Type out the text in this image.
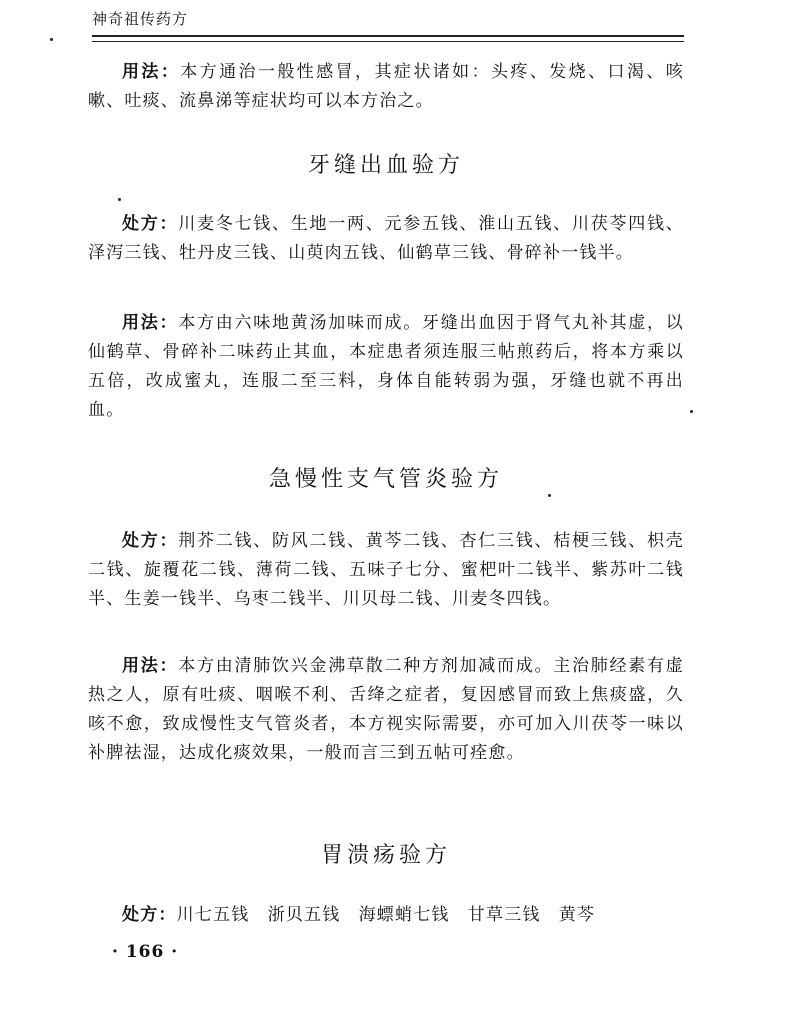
神奇祖传药方

用法：本方通治一般性感冒，其症状诸如：头疼、发烧、口渴、咳嗽、吐痰、流鼻涕等症状均可以本方治之。

牙缝出血验方

处方：川麦冬七钱、生地一两、元参五钱、淮山五钱、川茯苓四钱、泽泻三钱、牡丹皮三钱、山萸肉五钱、仙鹤草三钱、骨碎补一钱半。

用法：本方由六味地黄汤加味而成。牙缝出血因于肾气丸补其虚，以仙鹤草、骨碎补二味药止其血，本症患者须连服三帖煎药后，将本方乘以五倍，改成蜜丸，连服二至三料，身体自能转弱为强，牙缝也就不再出血。

急慢性支气管炎验方

处方：荆芥二钱、防风二钱、黄芩二钱、杏仁三钱、桔梗三钱、枳壳二钱、旋覆花二钱、薄荷二钱、五味子七分、蜜杷叶二钱半、紫苏叶二钱半、生姜一钱半、乌枣二钱半、川贝母二钱、川麦冬四钱。

用法：本方由清肺饮兴金沸草散二种方剂加减而成。主治肺经素有虚热之人，原有吐痰、咽喉不利、舌绛之症者，复因感冒而致上焦痰盛，久咳不愈，致成慢性支气管炎者，本方视实际需要，亦可加入川茯苓一味以补脾祛湿，达成化痰效果，一般而言三到五帖可痊愈。

胃溃疡验方

处方：川七五钱　浙贝五钱　海螵蛸七钱　甘草三钱　黄芩

· 166 ·
